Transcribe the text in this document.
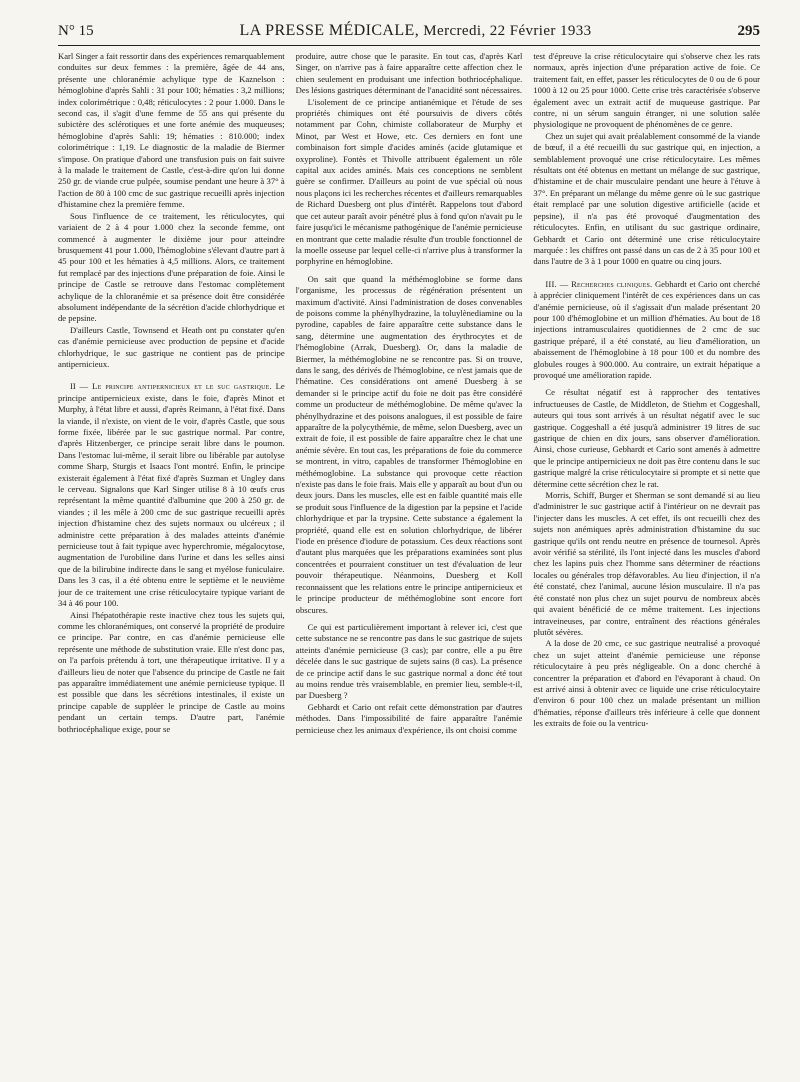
N° 15	LA PRESSE MÉDICALE, Mercredi, 22 Février 1933	295

Karl Singer a fait ressortir dans des expériences remarquablement conduites sur deux femmes : la première, âgée de 44 ans, présente une chloranémie achylique type de Kaznelson : hémoglobine d'après Sahli : 31 pour 100; hématies : 3,2 millions; index colorimétrique : 0,48; réticulocytes : 2 pour 1.000. Dans le second cas, il s'agit d'une femme de 55 ans qui présente du subictère des sclérotiques et une forte anémie des muqueuses; hémoglobine d'après Sahli: 19; hématies : 810.000; index colorimétrique : 1,19. Le diagnostic de la maladie de Biermer s'impose. On pratique d'abord une transfusion puis on fait suivre à la malade le traitement de Castle, c'est-à-dire qu'on lui donne 250 gr. de viande crue pulpée, soumise pendant une heure à 37° à l'action de 80 à 100 cmc de suc gastrique recueilli après injection d'histamine chez la première femme.

Sous l'influence de ce traitement, les réticulocytes, qui variaient de 2 à 4 pour 1.000 chez la seconde femme, ont commencé à augmenter le dixième jour pour atteindre brusquement 41 pour 1.000, l'hémoglobine s'élevant d'autre part à 45 pour 100 et les hématies à 4,5 millions. Alors, ce traitement fut remplacé par des injections d'une préparation de foie. Ainsi le principe de Castle se retrouve dans l'estomac complètement achylique de la chloranémie et sa présence doit être considérée absolument indépendante de la sécrétion d'acide chlorhydrique et de pepsine.

D'ailleurs Castle, Townsend et Heath ont pu constater qu'en cas d'anémie pernicieuse avec production de pepsine et d'acide chlorhydrique, le suc gastrique ne contient pas de principe antipernicieux.

II — Le principe antipernicieux et le suc gastrique. Le principe antipernicieux existe, dans le foie, d'après Minot et Murphy, à l'état libre et aussi, d'après Reimann, à l'état fixé. Dans la viande, il n'existe, on vient de le voir, d'après Castle, que sous forme fixée, libérée par le suc gastrique normal. Par contre, d'après Hitzenberger, ce principe serait libre dans le poumon. Dans l'estomac lui-même, il serait libre ou libérable par autolyse comme Sharp, Sturgis et Isaacs l'ont montré. Enfin, le principe existerait également à l'état fixé d'après Suzman et Ungley dans le cerveau. Signalons que Karl Singer utilise 8 à 10 œufs crus représentant la même quantité d'albumine que 200 à 250 gr. de viandes ; il les mêle à 200 cmc de suc gastrique recueilli après injection d'histamine chez des sujets normaux ou ulcéreux ; il administre cette préparation à des malades atteints d'anémie pernicieuse tout à fait typique avec hyperchromie, mégalocytose, augmentation de l'urobiline dans l'urine et dans les selles ainsi que de la bilirubine indirecte dans le sang et myélose funiculaire. Dans les 3 cas, il a été obtenu entre le septième et le neuvième jour de ce traitement une crise réticulocytaire typique variant de 34 à 46 pour 100.

Ainsi l'hépatothérapie reste inactive chez tous les sujets qui, comme les chloranémiques, ont conservé la propriété de produire ce principe. Par contre, en cas d'anémie pernicieuse elle représente une méthode de substitution vraie. Elle n'est donc pas, on l'a parfois prétendu à tort, une thérapeutique irritative. Il y a d'ailleurs lieu de noter que l'absence du principe de Castle ne fait pas apparaître immédiatement une anémie pernicieuse typique. Il est possible que dans les sécrétions intestinales, il existe un principe capable de suppléer le principe de Castle au moins pendant un certain temps. D'autre part, l'anémie bothriocéphalique exige, pour se

produire, autre chose que le parasite. En tout cas, d'après Karl Singer, on n'arrive pas à faire apparaître cette affection chez le chien seulement en produisant une infection bothriocéphalique. Des lésions gastriques déterminant de l'anacidité sont nécessaires.

L'isolement de ce principe antianémique et l'étude de ses propriétés chimiques ont été poursuivis de divers côtés notamment par Cohn, chimiste collaborateur de Murphy et Minot, par West et Howe, etc. Ces derniers en font une combinaison fort simple d'acides aminés (acide glutamique et oxyproline). Fontès et Thivolle attribuent également un rôle capital aux acides aminés. Mais ces conceptions ne semblent guère se confirmer. D'ailleurs au point de vue spécial où nous nous plaçons ici les recherches récentes et d'ailleurs remarquables de Richard Duesberg ont plus d'intérêt. Rappelons tout d'abord que cet auteur paraît avoir pénétré plus à fond qu'on n'avait pu le faire jusqu'ici le mécanisme pathogénique de l'anémie pernicieuse en montrant que cette maladie résulte d'un trouble fonctionnel de la moelle osseuse par lequel celle-ci n'arrive plus à transformer la porphyrine en hémoglobine.

On sait que quand la méthémoglobine se forme dans l'organisme, les processus de régénération présentent un maximum d'activité. Ainsi l'administration de doses convenables de poisons comme la phénylhydrazine, la toluylènediamine ou la pyrodine, capables de faire apparaître cette substance dans le sang, détermine une augmentation des érythrocytes et de l'hémoglobine (Arrak, Duesberg). Or, dans la maladie de Biermer, la méthémoglobine ne se rencontre pas. Si on trouve, dans le sang, des dérivés de l'hémoglobine, ce n'est jamais que de l'hématine. Ces considérations ont amené Duesberg à se demander si le principe actif du foie ne doit pas être considéré comme un producteur de méthémoglobine. De même qu'avec la phénylhydrazine et des poisons analogues, il est possible de faire apparaître de la polycythémie, de même, selon Duesberg, avec un extrait de foie, il est possible de faire apparaître chez le chat une anémie sévère. En tout cas, les préparations de foie du commerce se montrent, in vitro, capables de transformer l'hémoglobine en méthémoglobine. La substance qui provoque cette réaction n'existe pas dans le foie frais. Mais elle y apparaît au bout d'un ou deux jours. Dans les muscles, elle est en faible quantité mais elle se produit sous l'influence de la digestion par la pepsine et l'acide chlorhydrique et par la trypsine. Cette substance a également la propriété, quand elle est en solution chlorhydrique, de libérer l'iode en présence d'iodure de potassium. Ces deux réactions sont d'autant plus marquées que les préparations examinées sont plus concentrées et pourraient constituer un test d'évaluation de leur pouvoir thérapeutique. Néanmoins, Duesberg et Koll reconnaissent que les relations entre le principe antipernicieux et le principe producteur de méthémoglobine sont encore fort obscures.

Ce qui est particulièrement important à relever ici, c'est que cette substance ne se rencontre pas dans le suc gastrique de sujets atteints d'anémie pernicieuse (3 cas); par contre, elle a pu être décelée dans le suc gastrique de sujets sains (8 cas). La présence de ce principe actif dans le suc gastrique normal a donc été tout au moins rendue très vraisemblable, en premier lieu, semble-t-il, par Duesberg ?

Gebhardt et Cario ont refait cette démonstration par d'autres méthodes. Dans l'impossibilité de faire apparaître l'anémie pernicieuse chez les animaux d'expérience, ils ont choisi comme

test d'épreuve la crise réticulocytaire qui s'observe chez les rats normaux, après injection d'une préparation active de foie. Ce traitement fait, en effet, passer les réticulocytes de 0 ou de 6 pour 1000 à 12 ou 25 pour 1000. Cette crise très caractérisée s'observe également avec un extrait actif de muqueuse gastrique. Par contre, ni un sérum sanguin étranger, ni une solution salée physiologique ne provoquent de phénomènes de ce genre.

Chez un sujet qui avait préalablement consommé de la viande de bœuf, il a été recueilli du suc gastrique qui, en injection, a semblablement provoqué une crise réticulocytaire. Les mêmes résultats ont été obtenus en mettant un mélange de suc gastrique, d'histamine et de chair musculaire pendant une heure à l'étuve à 37°. En préparant un mélange du même genre où le suc gastrique était remplacé par une solution digestive artificielle (acide et pepsine), il n'a pas été provoqué d'augmentation des réticulocytes. Enfin, en utilisant du suc gastrique ordinaire, Gebhardt et Cario ont déterminé une crise réticulocytaire marquée : les chiffres ont passé dans un cas de 2 à 35 pour 100 et dans l'autre de 3 à 1 pour 1000 en quatre ou cinq jours.

III. — Recherches cliniques. Gebhardt et Cario ont cherché à apprécier cliniquement l'intérêt de ces expériences dans un cas d'anémie pernicieuse, où il s'agissait d'un malade présentant 20 pour 100 d'hémoglobine et un million d'hématies. Au bout de 18 injections intramusculaires quotidiennes de 2 cmc de suc gastrique préparé, il a été constaté, au lieu d'amélioration, un abaissement de l'hémoglobine à 18 pour 100 et du nombre des globules rouges à 900.000. Au contraire, un extrait hépatique a provoqué une amélioration rapide.

Ce résultat négatif est à rapprocher des tentatives infructueuses de Castle, de Middleton, de Stiehm et Coggeshall, auteurs qui tous sont arrivés à un résultat négatif avec le suc gastrique. Coggeshall a été jusqu'à administrer 19 litres de suc gastrique de chien en dix jours, sans observer d'amélioration. Ainsi, chose curieuse, Gebhardt et Cario sont amenés à admettre que le principe antipernicieux ne doit pas être contenu dans le suc gastrique malgré la crise réticulocytaire si prompte et si nette que détermine cette sécrétion chez le rat.

Morris, Schiff, Burger et Sherman se sont demandé si au lieu d'administrer le suc gastrique actif à l'intérieur on ne devrait pas l'injecter dans les muscles. A cet effet, ils ont recueilli chez des sujets non anémiques après administration d'histamine du suc gastrique qu'ils ont rendu neutre en présence de tournesol. Après avoir vérifié sa stérilité, ils l'ont injecté dans les muscles d'abord chez les lapins puis chez l'homme sans déterminer de réactions locales ou générales trop défavorables. Au lieu d'injection, il n'a été constaté, chez l'animal, aucune lésion musculaire. Il n'a pas été constaté non plus chez un sujet pourvu de nombreux abcès qui avaient bénéficié de ce même traitement. Les injections intraveineuses, par contre, entraînent des réactions générales plutôt sévères.

A la dose de 20 cmc, ce suc gastrique neutralisé a provoqué chez un sujet atteint d'anémie pernicieuse une réponse réticulocytaire à peu près négligeable. On a donc cherché à concentrer la préparation et d'abord en l'évaporant à chaud. On est arrivé ainsi à obtenir avec ce liquide une crise réticulocytaire d'environ 6 pour 100 chez un malade présentant un million d'hématies, réponse d'ailleurs très inférieure à celle que donnent les extraits de foie ou la ventricu-
